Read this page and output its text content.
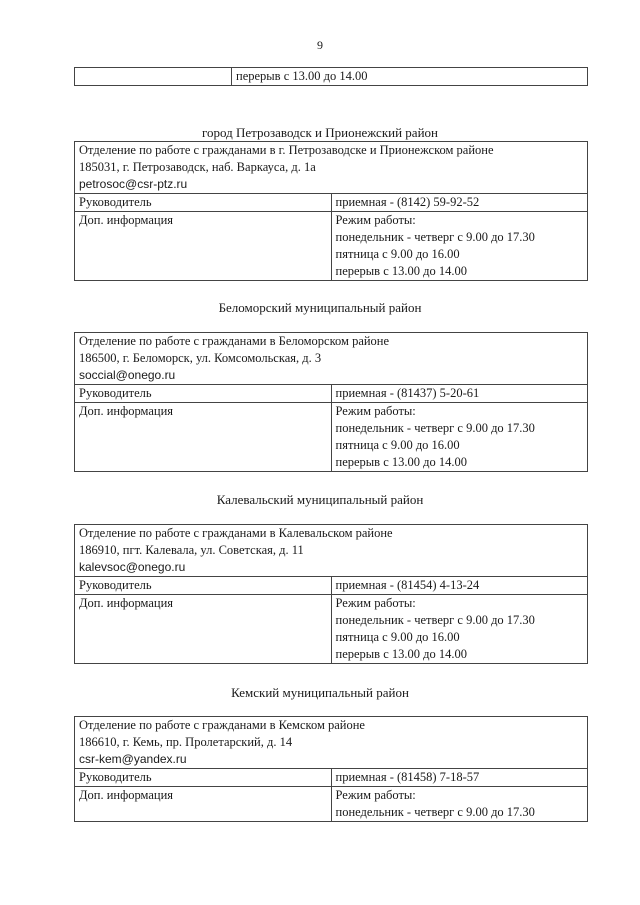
9

перерыв с 13.00 до 14.00
город Петрозаводск и Прионежский район
Отделение по работе с гражданами в г. Петрозаводске и Прионежском районе
185031, г. Петрозаводск, наб. Варкауса, д. 1а
petrosoc@csr-ptz.ru	

Руководитель	приемная - (8142) 59-92-52
Доп. информация	Режим работы:
понедельник - четверг с 9.00 до 17.30
пятница с 9.00 до 16.00
перерыв с 13.00 до 14.00
Беломорский муниципальный район
Отделение по работе с гражданами в Беломорском районе
186500, г. Беломорск, ул. Комсомольская, д. 3
soccial@onego.ru	

Руководитель	приемная - (81437) 5-20-61
Доп. информация	Режим работы:
понедельник - четверг с 9.00 до 17.30
пятница с 9.00 до 16.00
перерыв с 13.00 до 14.00
Калевальский муниципальный район
Отделение по работе с гражданами в Калевальском районе
186910, пгт. Калевала, ул. Советская, д. 11
kalevsoc@onego.ru	

Руководитель	приемная - (81454) 4-13-24
Доп. информация	Режим работы:
понедельник - четверг с 9.00 до 17.30
пятница с 9.00 до 16.00
перерыв с 13.00 до 14.00
Кемский муниципальный район
Отделение по работе с гражданами в Кемском районе
186610, г. Кемь, пр. Пролетарский, д. 14
csr-kem@yandex.ru	

Руководитель	приемная - (81458) 7-18-57
Доп. информация	Режим работы:
понедельник - четверг с 9.00 до 17.30
